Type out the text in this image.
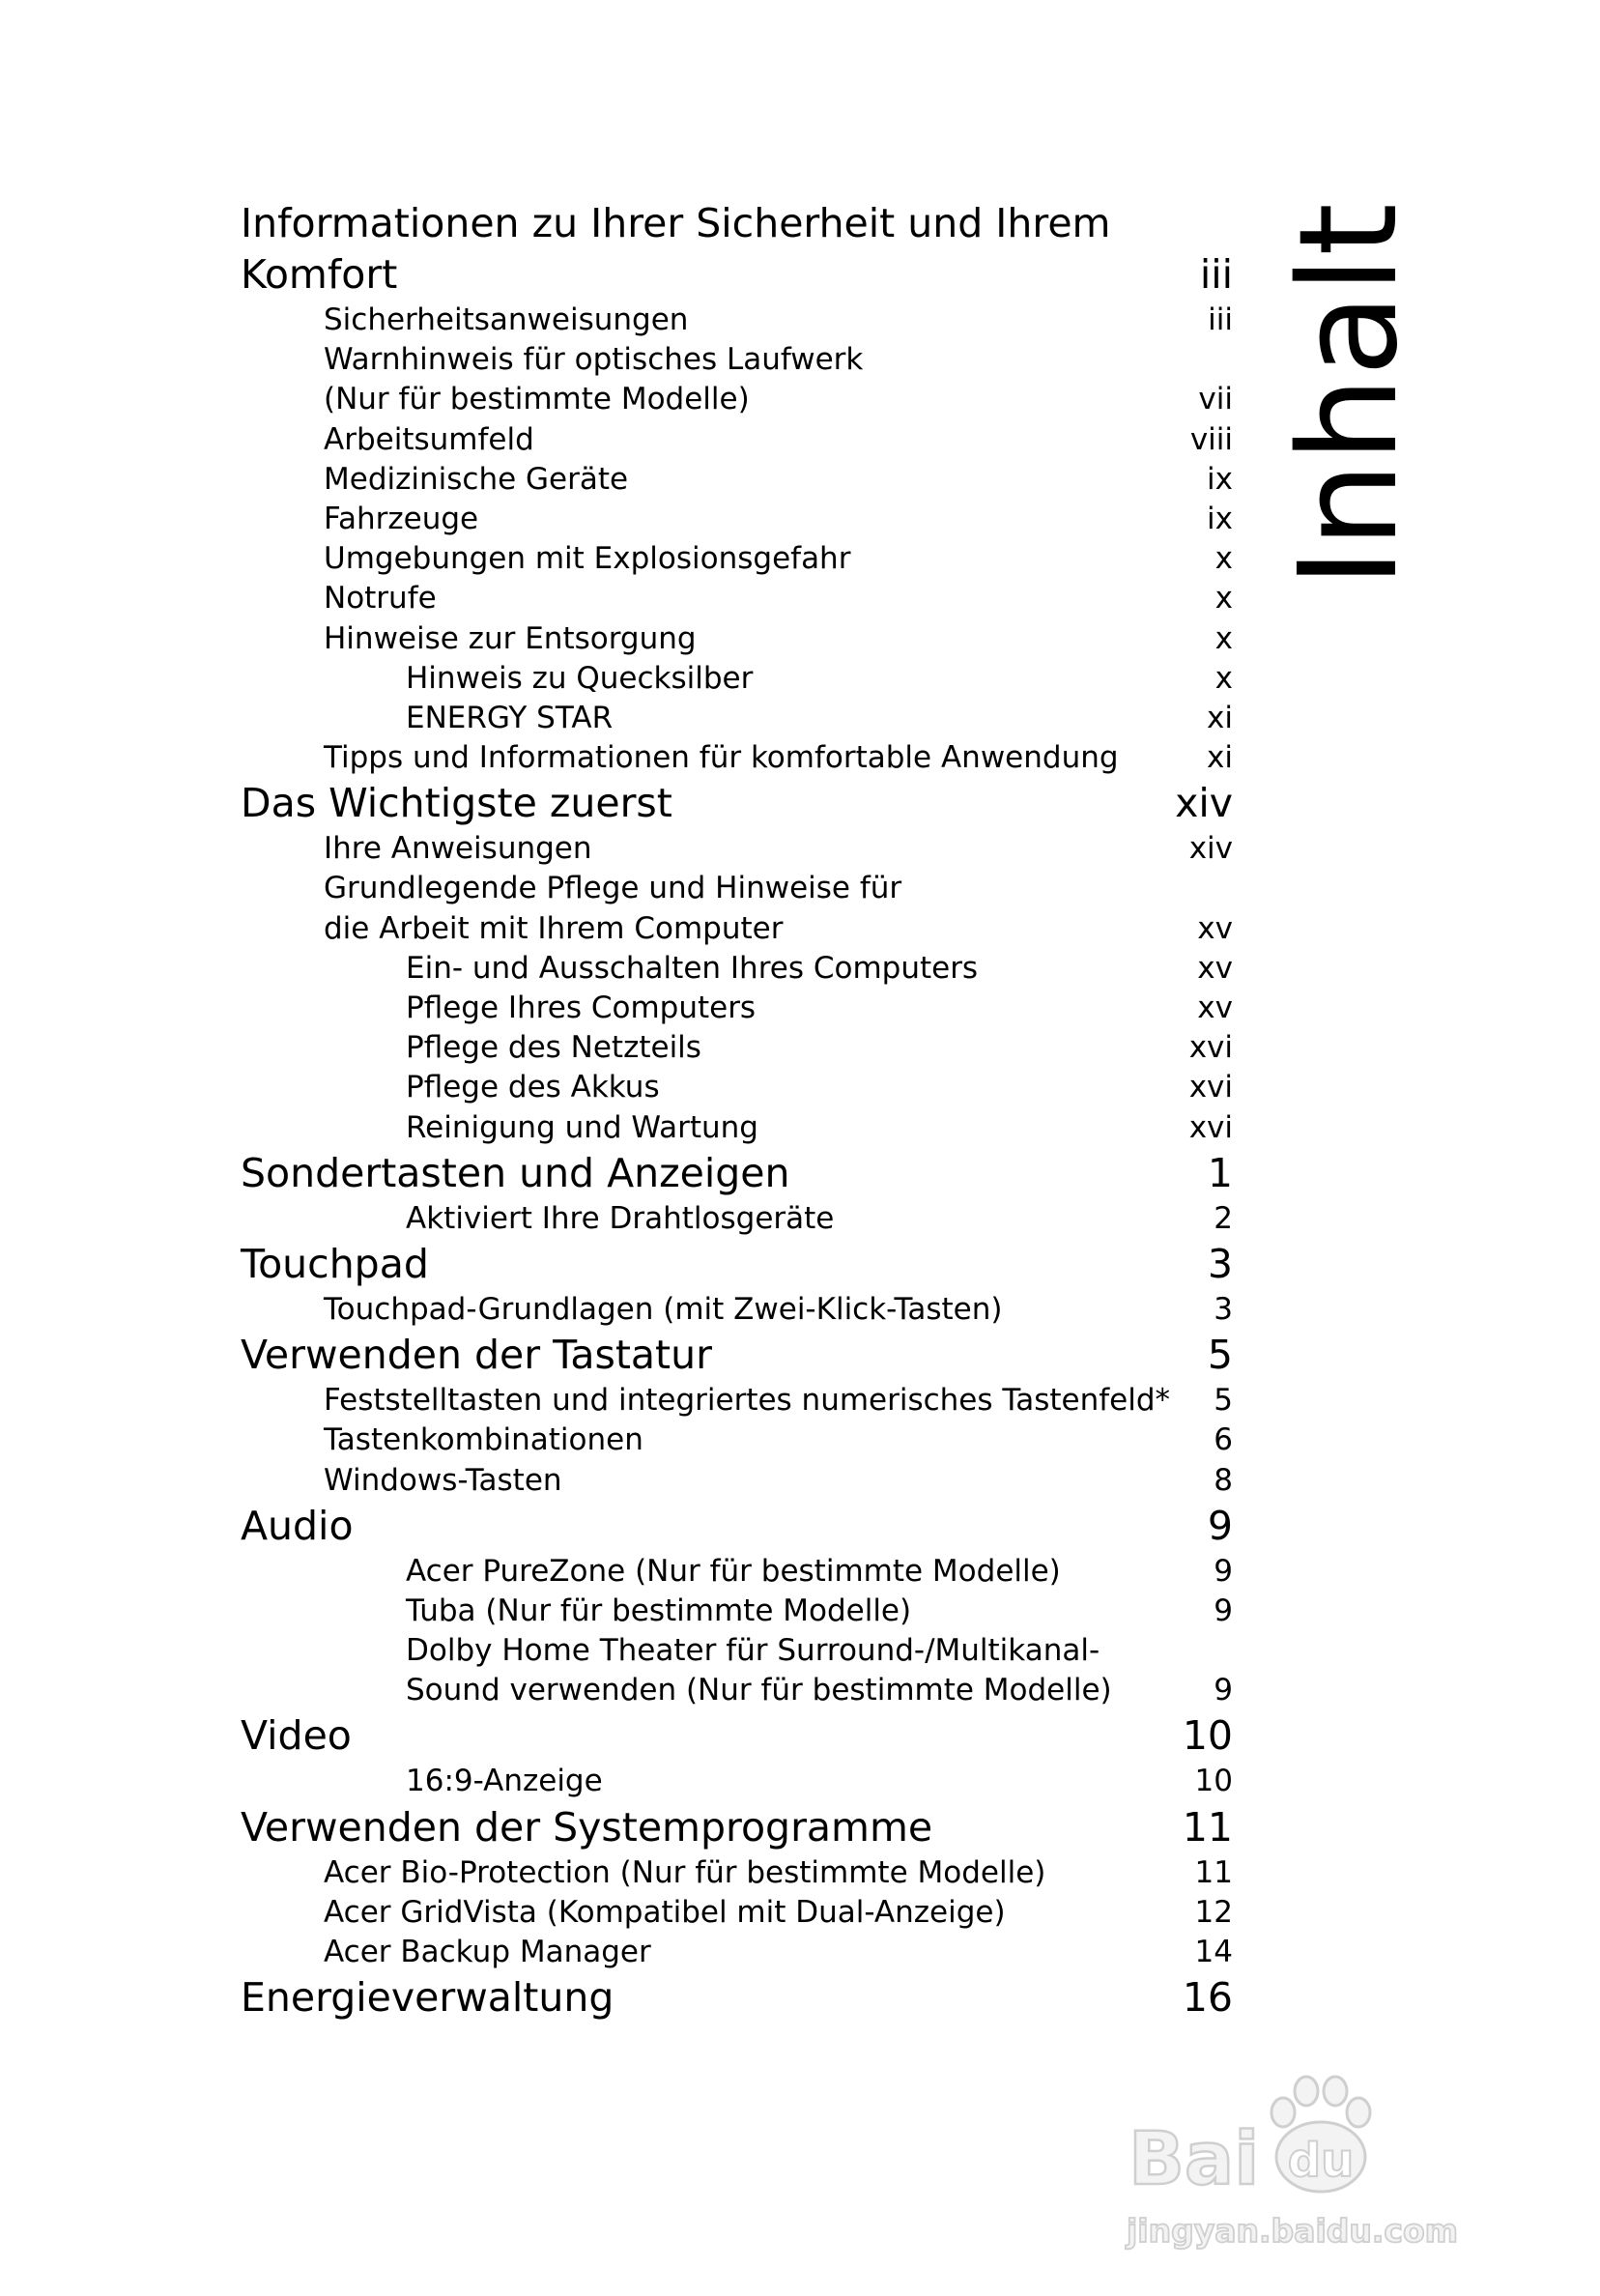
Informationen zu Ihrer Sicherheit und Ihrem
Komfort	iii
Sicherheitsanweisungen	iii
Warnhinweis für optisches Laufwerk
(Nur für bestimmte Modelle)	vii
Arbeitsumfeld	viii
Medizinische Geräte	ix
Fahrzeuge	ix
Umgebungen mit Explosionsgefahr	x
Notrufe	x
Hinweise zur Entsorgung	x
Hinweis zu Quecksilber	x
ENERGY STAR	xi
Tipps und Informationen für komfortable Anwendung	xi
Das Wichtigste zuerst	xiv
Ihre Anweisungen	xiv
Grundlegende Pflege und Hinweise für
die Arbeit mit Ihrem Computer	xv
Ein- und Ausschalten Ihres Computers	xv
Pflege Ihres Computers	xv
Pflege des Netzteils	xvi
Pflege des Akkus	xvi
Reinigung und Wartung	xvi
Sondertasten und Anzeigen	1
Aktiviert Ihre Drahtlosgeräte	2
Touchpad	3
Touchpad-Grundlagen (mit Zwei-Klick-Tasten)	3
Verwenden der Tastatur	5
Feststelltasten und integriertes numerisches Tastenfeld* 5
Tastenkombinationen	6
Windows-Tasten	8
Audio	9
Acer PureZone (Nur für bestimmte Modelle)	9
Tuba (Nur für bestimmte Modelle)	9
Dolby Home Theater für Surround-/Multikanal-
Sound verwenden (Nur für bestimmte Modelle)	9
Video	10
16:9-Anzeige	10
Verwenden der Systemprogramme	11
Acer Bio-Protection (Nur für bestimmte Modelle)	11
Acer GridVista (Kompatibel mit Dual-Anzeige)	12
Acer Backup Manager	14
Energieverwaltung	16
Inhalt
Bai du
jingyan.baidu.com
